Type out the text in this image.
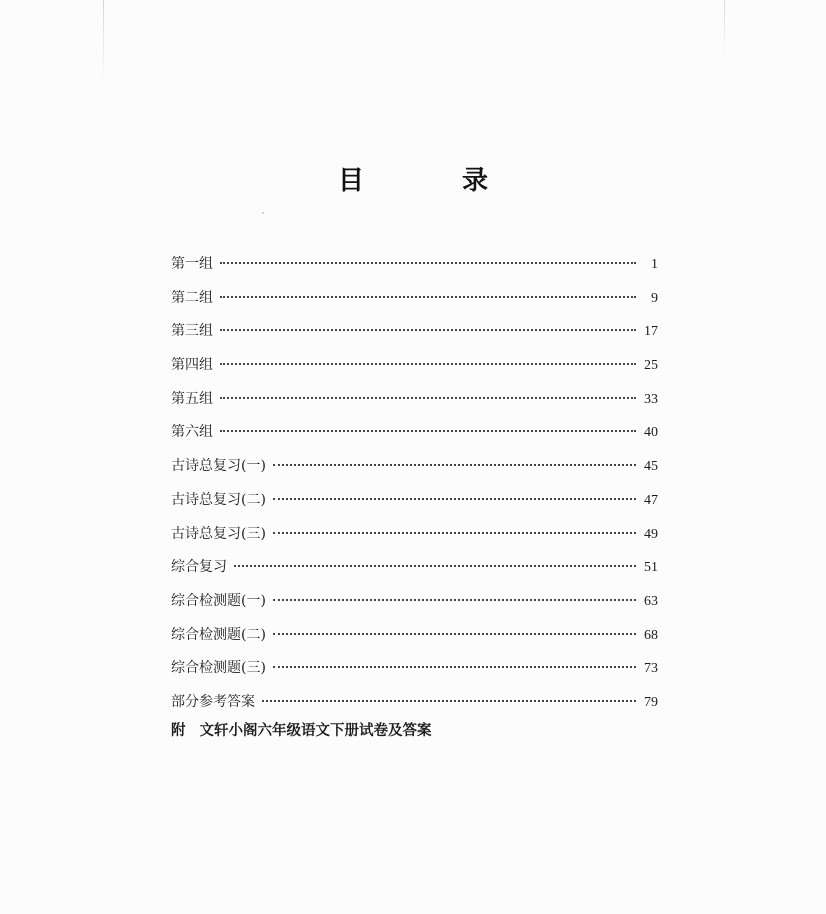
目　录
第一组	1
第二组	9
第三组	17
第四组	25
第五组	33
第六组	40
古诗总复习(一)	45
古诗总复习(二)	47
古诗总复习(三)	49
综合复习	51
综合检测题(一)	63
综合检测题(二)	68
综合检测题(三)	73
部分参考答案	79
附 文轩小阁六年级语文下册试卷及答案
